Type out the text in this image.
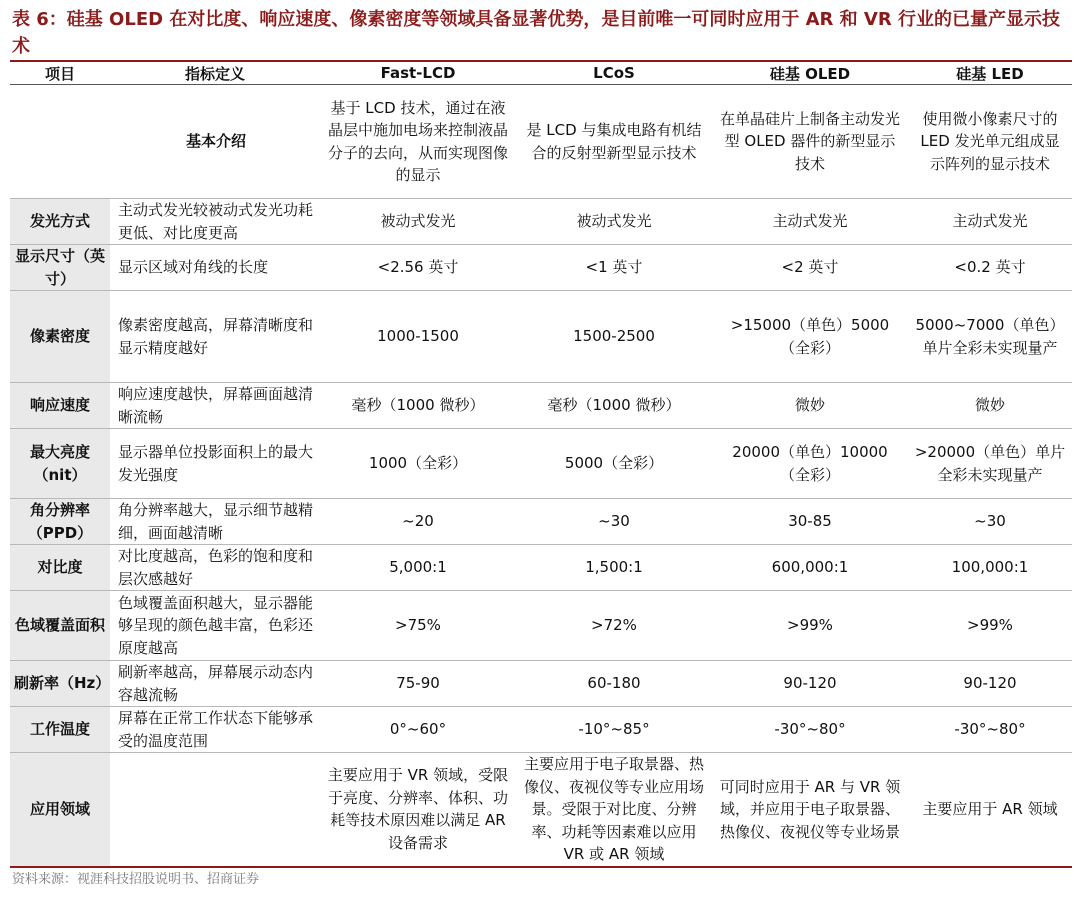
表 6：硅基 OLED 在对比度、响应速度、像素密度等领域具备显著优势，是目前唯一可同时应用于 AR 和 VR 行业的已量产显示技术
项目	指标定义	Fast-LCD	LCoS	硅基 OLED	硅基 LED
	基本介绍	基于 LCD 技术，通过在液晶层中施加电场来控制液晶分子的去向，从而实现图像的显示	是 LCD 与集成电路有机结合的反射型新型显示技术	在单晶硅片上制备主动发光型 OLED 器件的新型显示技术	使用微小像素尺寸的 LED 发光单元组成显示阵列的显示技术
发光方式	主动式发光较被动式发光功耗更低、对比度更高	被动式发光	被动式发光	主动式发光	主动式发光
显示尺寸（英寸）	显示区域对角线的长度	<2.56 英寸	<1 英寸	<2 英寸	<0.2 英寸
像素密度	像素密度越高，屏幕清晰度和显示精度越好	1000-1500	1500-2500	>15000（单色）5000（全彩）	5000~7000（单色）单片全彩未实现量产
响应速度	响应速度越快，屏幕画面越清晰流畅	毫秒（1000 微秒）	毫秒（1000 微秒）	微妙	微妙
最大亮度（nit）	显示器单位投影面积上的最大发光强度	1000（全彩）	5000（全彩）	20000（单色）10000（全彩）	>20000（单色）单片全彩未实现量产
角分辨率（PPD）	角分辨率越大，显示细节越精细，画面越清晰	~20	~30	30-85	~30
对比度	对比度越高，色彩的饱和度和层次感越好	5,000:1	1,500:1	600,000:1	100,000:1
色域覆盖面积	色域覆盖面积越大，显示器能够呈现的颜色越丰富，色彩还原度越高	>75%	>72%	>99%	>99%
刷新率（Hz）	刷新率越高，屏幕展示动态内容越流畅	75-90	60-180	90-120	90-120
工作温度	屏幕在正常工作状态下能够承受的温度范围	0°~60°	-10°~85°	-30°~80°	-30°~80°
应用领域		主要应用于 VR 领域，受限于亮度、分辨率、体积、功耗等技术原因难以满足 AR 设备需求	主要应用于电子取景器、热像仪、夜视仪等专业应用场景。受限于对比度、分辨率、功耗等因素难以应用 VR 或 AR 领域	可同时应用于 AR 与 VR 领域，并应用于电子取景器、热像仪、夜视仪等专业场景	主要应用于 AR 领域
资料来源：视涯科技招股说明书、招商证券
